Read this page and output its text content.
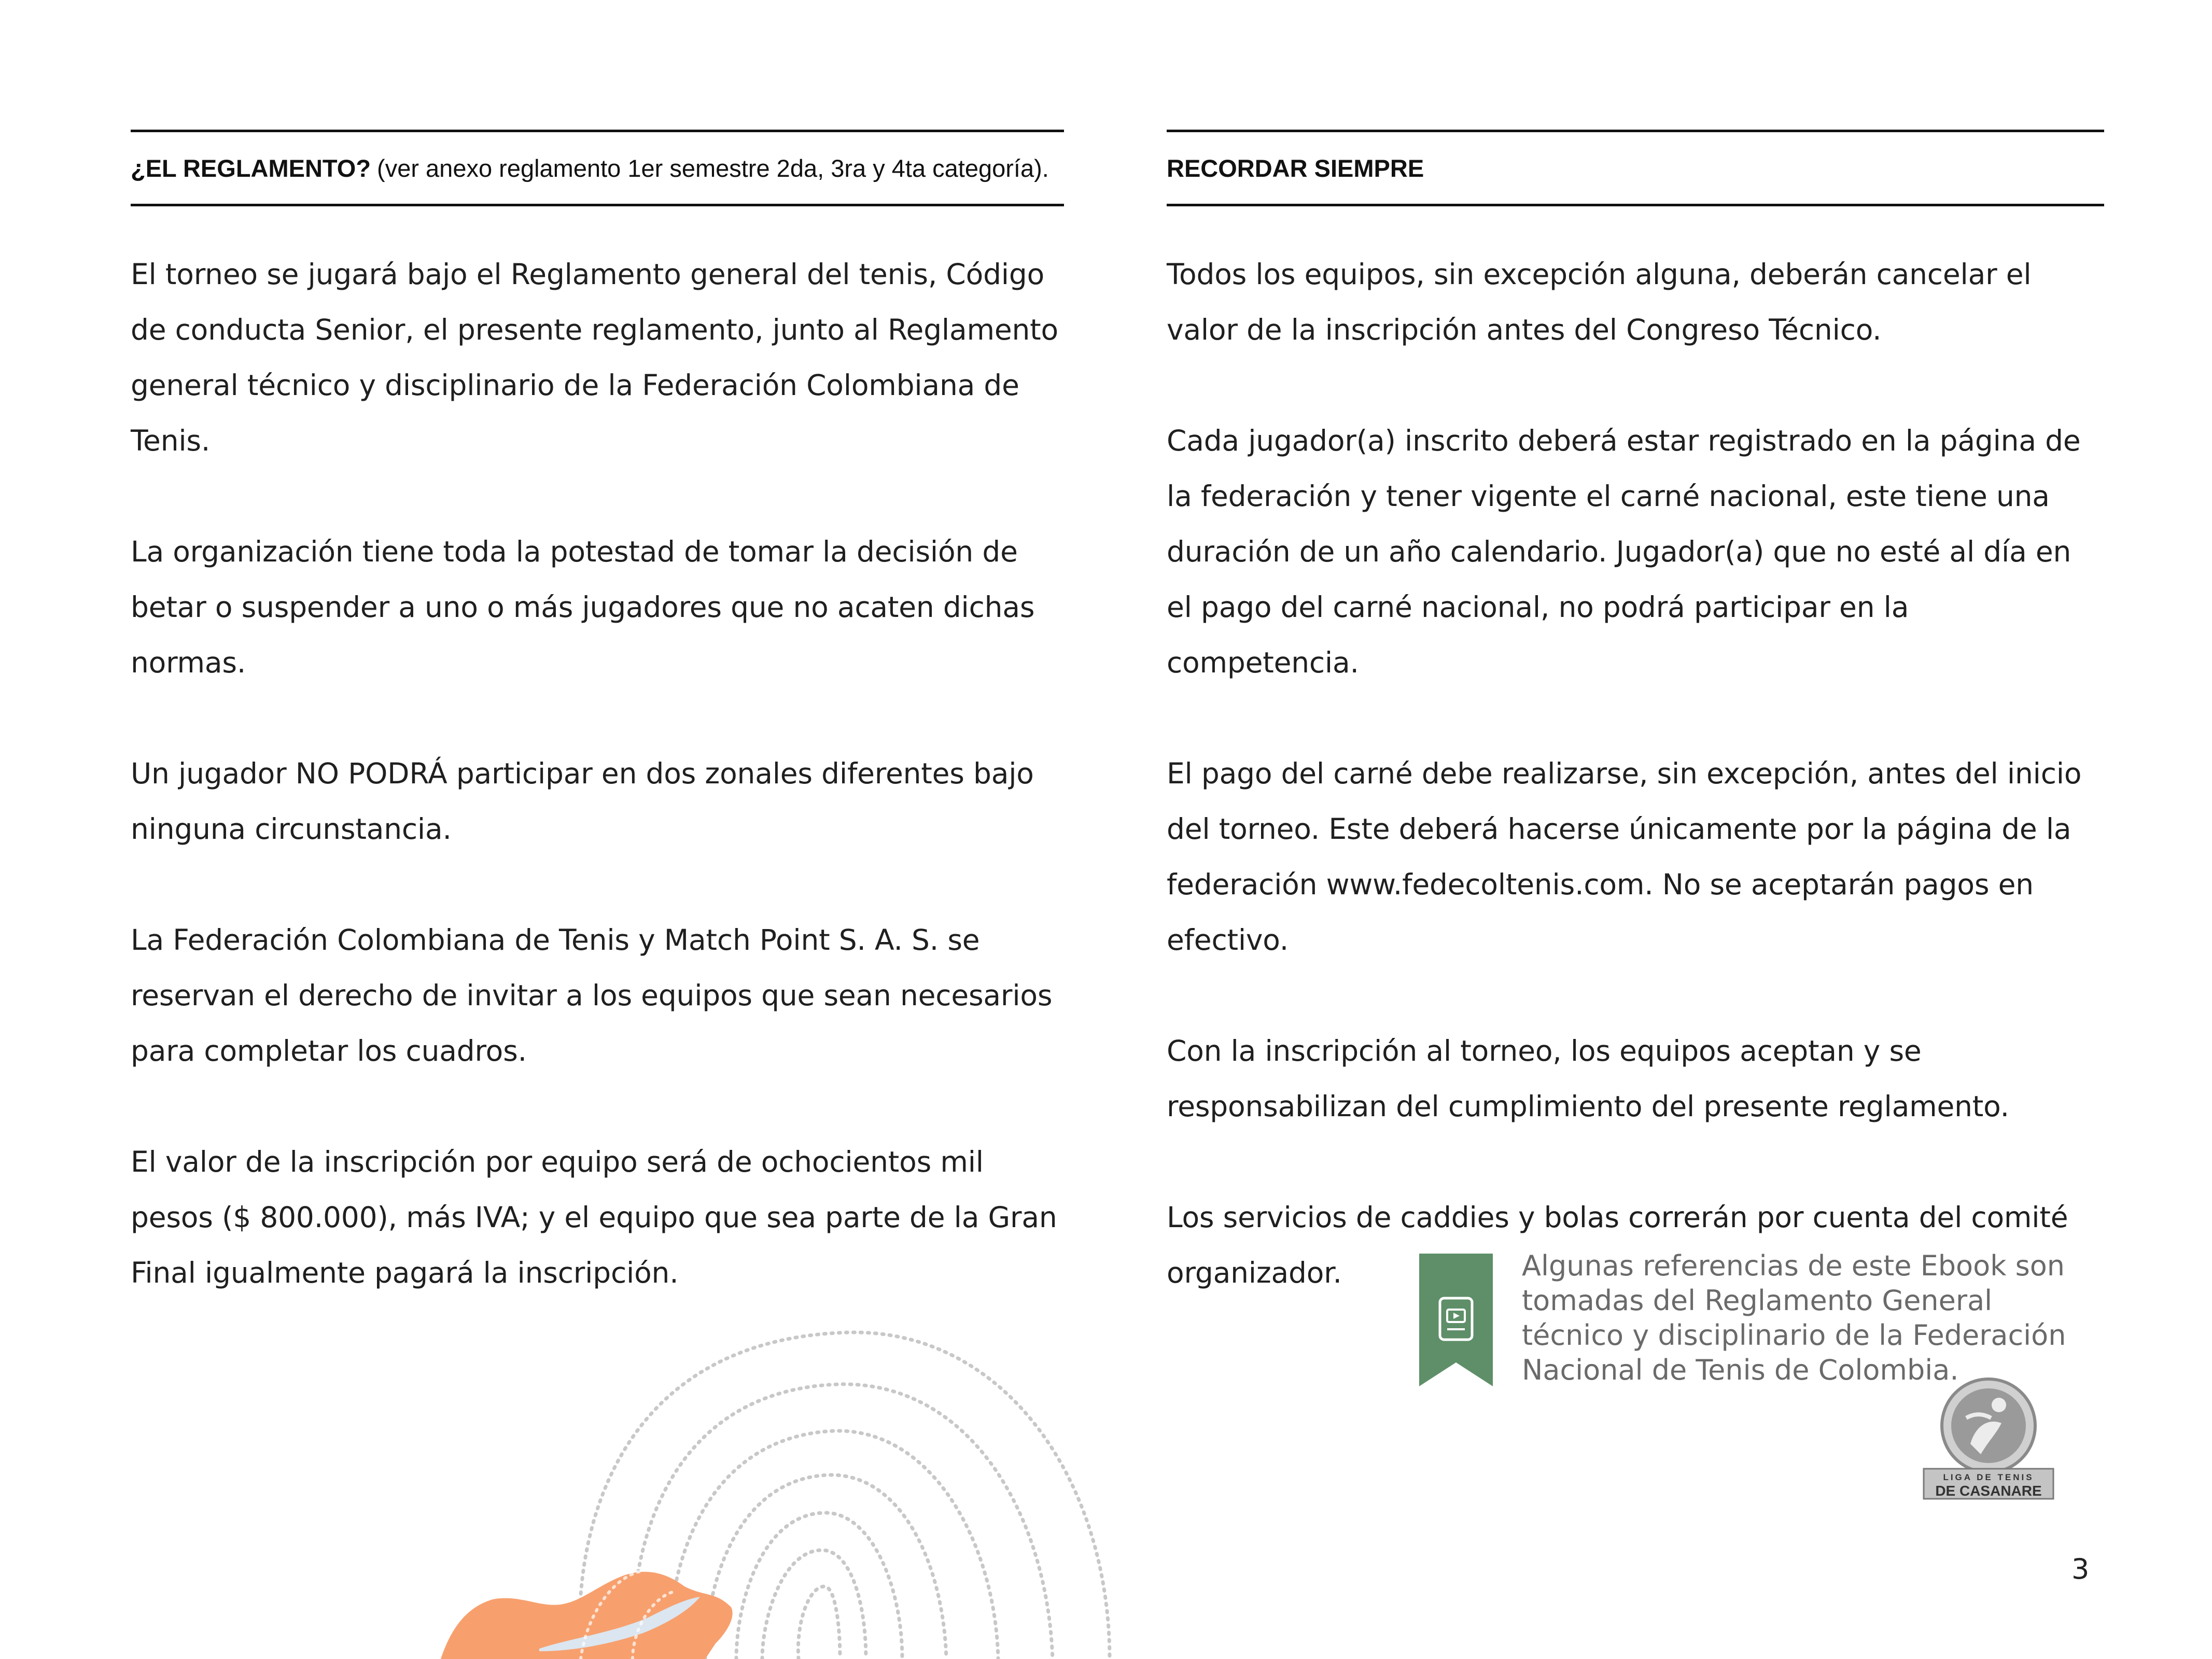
¿EL REGLAMENTO? (ver anexo reglamento 1er semestre 2da, 3ra y 4ta categoría).

El torneo se jugará bajo el Reglamento general del tenis, Código de conducta Senior, el presente reglamento, junto al Reglamento general técnico y disciplinario de la Federación Colombiana de Tenis.

La organización tiene toda la potestad de tomar la decisión de betar o suspender a uno o más jugadores que no acaten dichas normas.

Un jugador NO PODRÁ participar en dos zonales diferentes bajo ninguna circunstancia.

La Federación Colombiana de Tenis y Match Point S. A. S. se reservan el derecho de invitar a los equipos que sean necesarios para completar los cuadros.

El valor de la inscripción por equipo será de ochocientos mil pesos ($ 800.000), más IVA; y el equipo que sea parte de la Gran Final igualmente pagará la inscripción.

RECORDAR SIEMPRE

Todos los equipos, sin excepción alguna, deberán cancelar el valor de la inscripción antes del Congreso Técnico.

Cada jugador(a) inscrito deberá estar registrado en la página de la federación y tener vigente el carné nacional, este tiene una duración de un año calendario. Jugador(a) que no esté al día en el pago del carné nacional, no podrá participar en la competencia.

El pago del carné debe realizarse, sin excepción, antes del inicio del torneo. Este deberá hacerse únicamente por la página de la federación www.fedecoltenis.com. No se aceptarán pagos en efectivo.

Con la inscripción al torneo, los equipos aceptan y se responsabilizan del cumplimiento del presente reglamento.

Los servicios de caddies y bolas correrán por cuenta del comité organizador.	Algunas referencias de este Ebook son tomadas del Reglamento General técnico y disciplinario de la Federación Nacional de Tenis de Colombia.
LIGA DE TENIS
DE CASANARE
3
